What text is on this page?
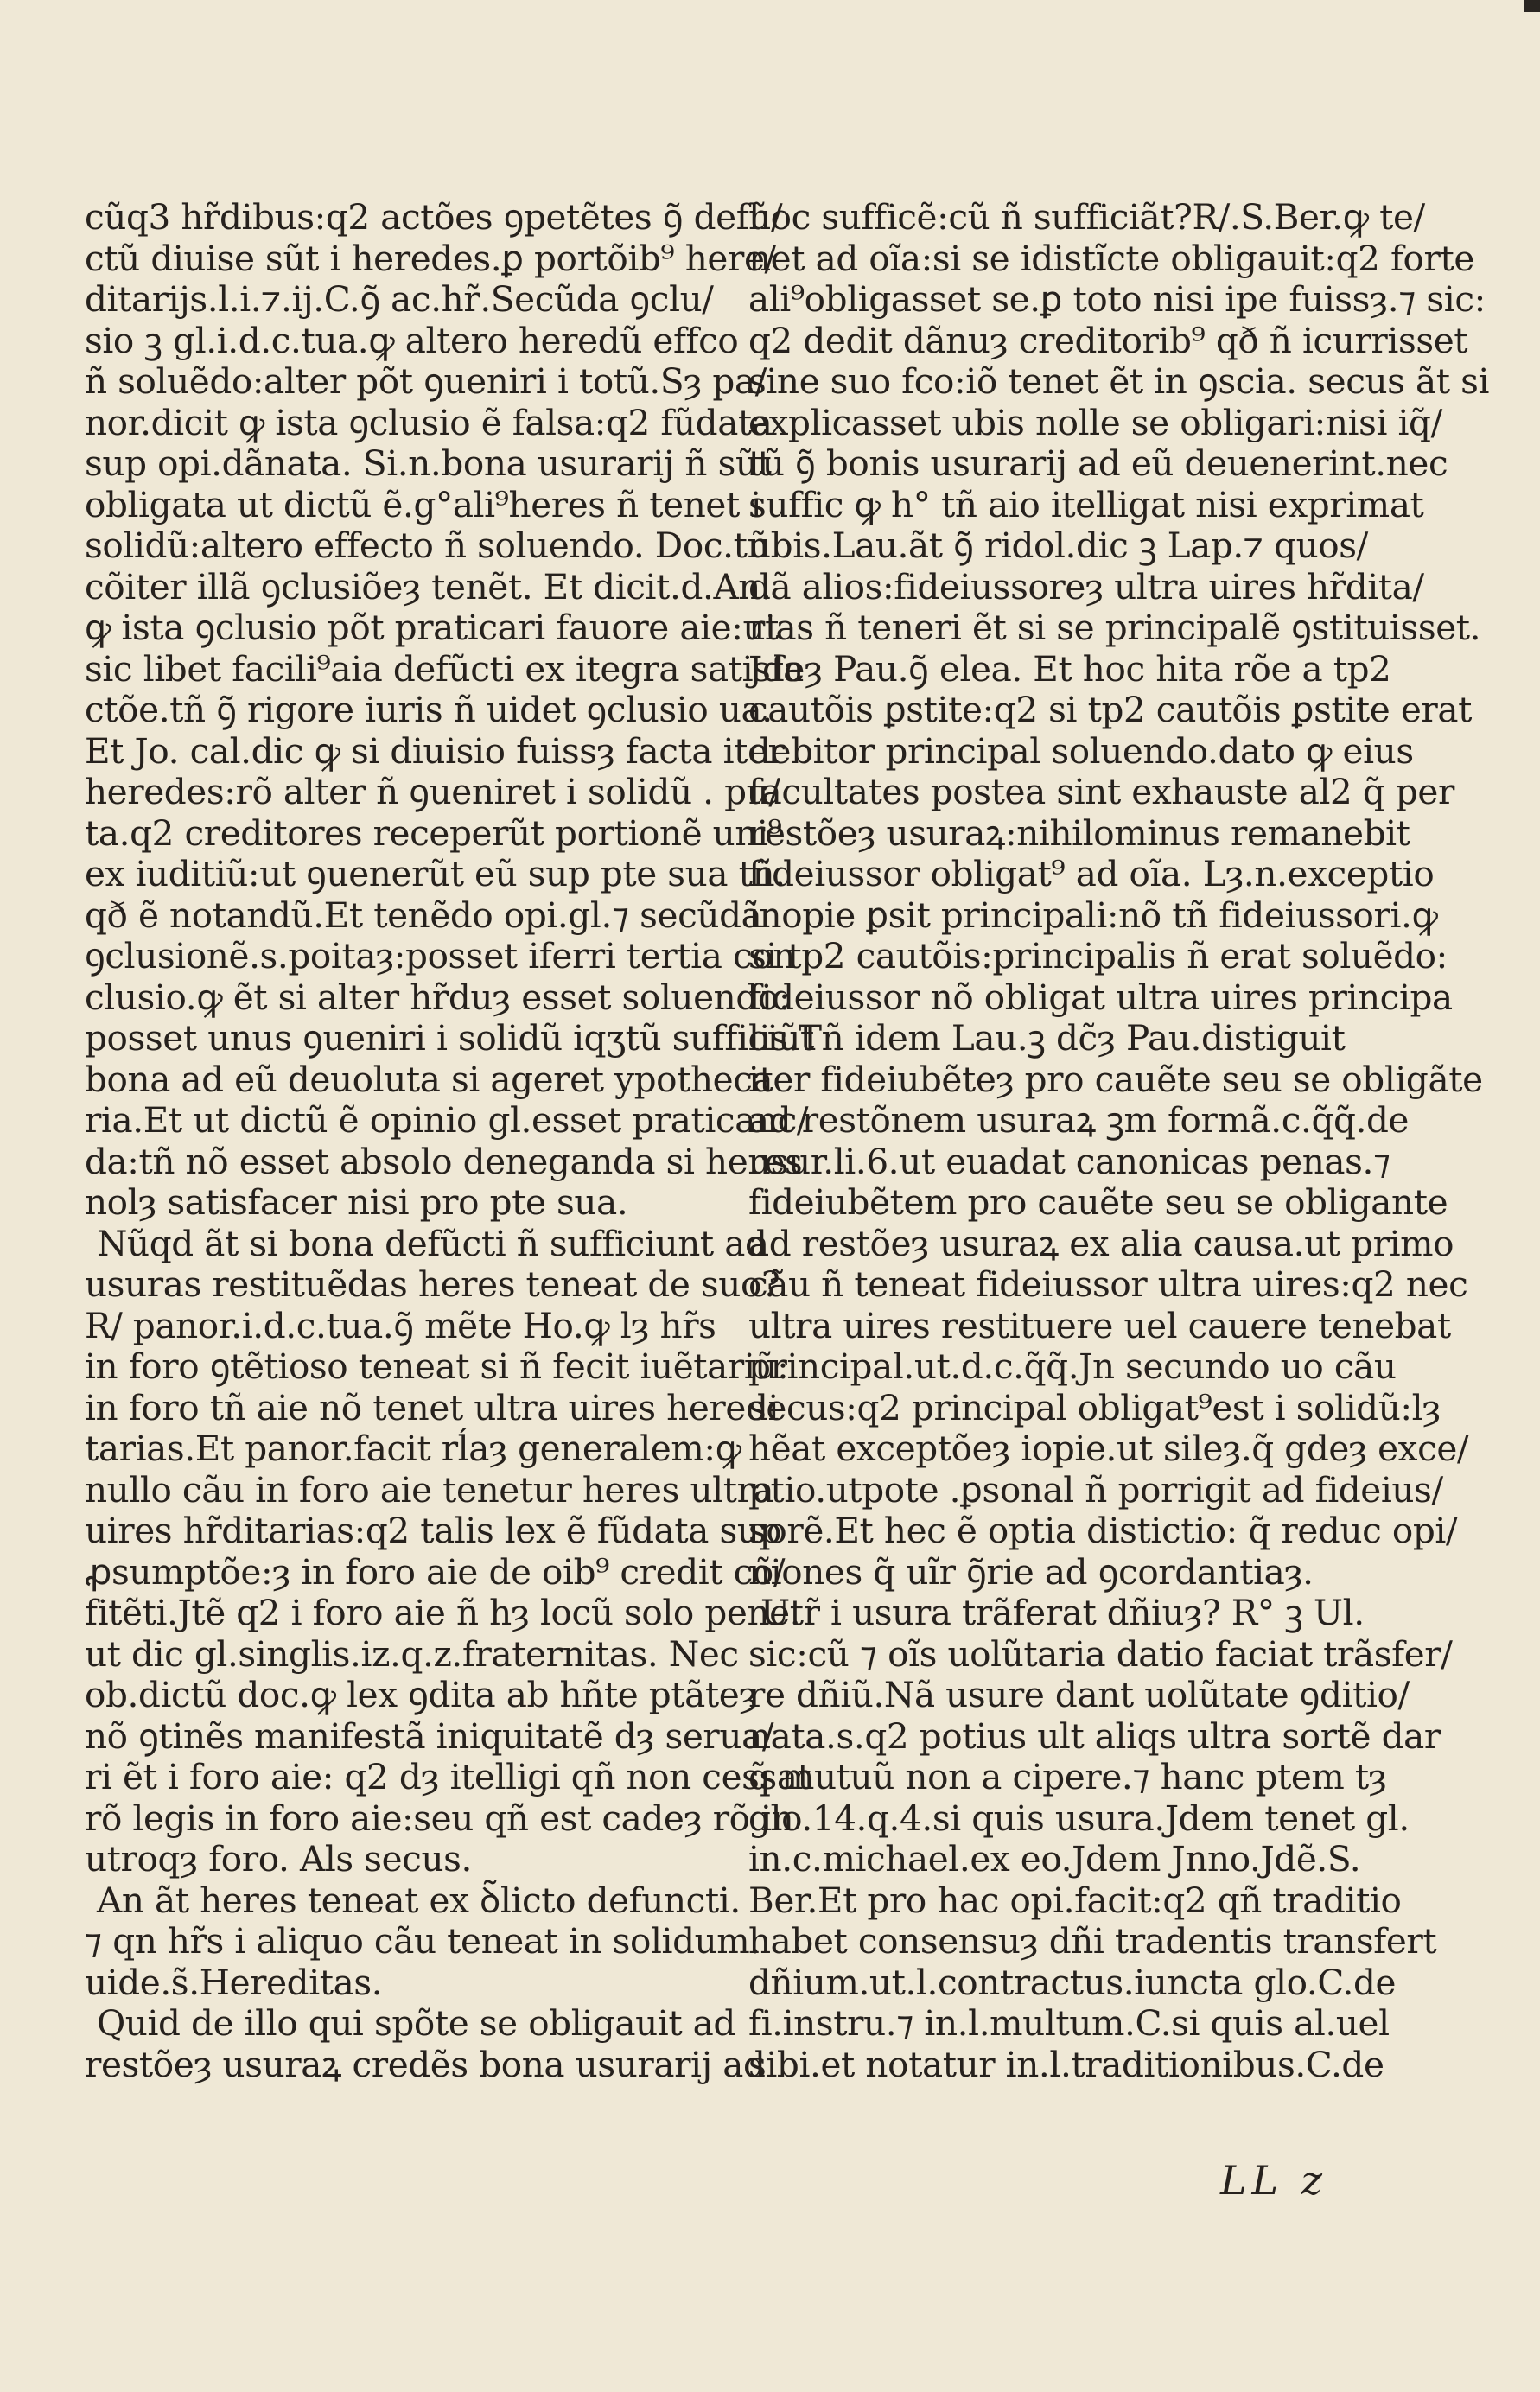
cũq3 hr̃dibus:q2 actões ꝯpetẽtes ꝯ̃ defũ/
ctũ diuise sũt i heredes.ꝑ portõib⁹ here/
ditarijs.l.i.⁊.ij.C.ꝯ̃ ac.hr̃.Secũda ꝯclu/
sio ꝫ gl.i.d.c.tua.ꝙ altero heredũ effco
ñ soluẽdo:alter põt ꝯueniri i totũ.Sȝ pa/
nor.dicit ꝙ ista ꝯclusio ẽ falsa:q2 fũdata
sup opi.dãnata. Si.n.bona usurarij ñ sũt
obligata ut dictũ ẽ.g°ali⁹heres ñ tenet i
solidũ:altero effecto ñ soluendo. Doc.tñ
cõiter illã ꝯclusiõeȝ tenẽt. Et dicit.d.An.
ꝙ ista ꝯclusio põt praticari fauore aie:ut
sic libet facili⁹aia defũcti ex itegra satisfa
ctõe.tñ ꝯ̃ rigore iuris ñ uidet ꝯclusio ua.
Et Jo. cal.dic ꝙ si diuisio fuissȝ facta iter
heredes:rõ alter ñ ꝯueniret i solidũ . pu/
ta.q2 creditores receperũt portionẽ uni⁹
ex iuditiũ:ut ꝯuenerũt eũ sup pte sua tñ.
qð ẽ notandũ.Et tenẽdo opi.gl.⁊ secũdã
ꝯclusionẽ.s.poitaȝ:posset iferri tertia con
clusio.ꝙ ẽt si alter hr̃duȝ esset soluendo:
posset unus ꝯueniri i solidũ iqʒtũ sufficiũt
bona ad eũ deuoluta si ageret ypotheca
ria.Et ut dictũ ẽ opinio gl.esset praticanc/
da:tñ nõ esset absolo deneganda si heres
nolȝ satisfacer nisi pro pte sua.
Nũqd ãt si bona defũcti ñ sufficiunt ad
usuras restituẽdas heres teneat de suo?
R/ panor.i.d.c.tua.ꝯ̃ mẽte Ho.ꝙ lȝ hr̃s
in foro ꝯtẽtioso teneat si ñ fecit iuẽtariũ:
in foro tñ aie nõ tenet ultra uires heredi
tarias.Et panor.facit rĺaȝ generalem:ꝙ
nullo cãu in foro aie tenetur heres ultra
uires hr̃ditarias:q2 talis lex ẽ fũdata sup
ꝓsumptõe:ȝ in foro aie de oib⁹ credit cõ/
fitẽti.Jtẽ q2 i foro aie ñ hȝ locũ solo pene.
ut dic gl.singlis.iz.q.z.fraternitas. Nec
ob.dictũ doc.ꝙ lex ꝯdita ab hñte ptãteȝ
nõ ꝯtinẽs manifestã iniquitatẽ dȝ serua/
ri ẽt i foro aie: q2 dȝ itelligi qñ non cessat
rõ legis in foro aie:seu qñ est cadeȝ rõ in
utroqȝ foro. Als secus.
An ãt heres teneat ex ꝺ̃licto defuncti.
⁊ qn hr̃s i aliquo cãu teneat in solidum.
uide.s̃.Hereditas.
Quid de illo qui spõte se obligauit ad
restõeȝ usuraꝝ credẽs bona usurarij ad
hoc sufficẽ:cũ ñ sufficiãt?R/.S.Ber.ꝙ te/
net ad oĩa:si se idistĩcte obligauit:q2 forte
ali⁹obligasset se.ꝑ toto nisi ipe fuissȝ.⁊ sic:
q2 dedit dãnuȝ creditorib⁹ qð ñ icurrisset
sine suo fco:iõ tenet ẽt in ꝯscia. secus ãt si
explicasset ubis nolle se obligari:nisi iq̃/
tũ ꝯ̃ bonis usurarij ad eũ deuenerint.nec
suffic ꝙ h° tñ aio itelligat nisi exprimat
ubis.Lau.ãt ꝯ̃ ridol.dic ꝫ Lap.⁊ quos/
dã alios:fideiussoreȝ ultra uires hr̃dita/
rias ñ teneri ẽt si se principalẽ ꝯstituisset.
Jdeȝ Pau.ꝯ̃ elea. Et hoc hita rõe a tp2
cautõis ꝑstite:q2 si tp2 cautõis ꝑstite erat
debitor principal soluendo.dato ꝙ eius
facultates postea sint exhauste al2 q̃ per
restõeȝ usuraꝝ:nihilominus remanebit
fideiussor obligat⁹ ad oĩa. Lȝ.n.exceptio
inopie ꝑsit principali:nõ tñ fideiussori.ꝙ
si tp2 cautõis:principalis ñ erat soluẽdo:
fideiussor nõ obligat ultra uires principa
lis.Tñ idem Lau.ꝫ dc̃ȝ Pau.distiguit
iter fideiubẽteȝ pro cauẽte seu se obligãte
ad restõnem usuraꝝ ꝫm formã.c.q̃q̃.de
usur.li.6.ut euadat canonicas penas.⁊
fideiubẽtem pro cauẽte seu se obligante
ad restõeȝ usuraꝝ ex alia causa.ut primo
cãu ñ teneat fideiussor ultra uires:q2 nec
ultra uires restituere uel cauere tenebat
principal.ut.d.c.q̃q̃.Jn secundo uo cãu
secus:q2 principal obligat⁹est i solidũ:lȝ
hẽat exceptõeȝ iopie.ut sileȝ.q̃ gdeȝ exce/
ptio.utpote .ꝑsonal ñ porrigit ad fideius/
sorẽ.Et hec ẽ optia distictio: q̃ reduc opi/
niones q̃ uĩr ꝯ̃rie ad ꝯcordantiaȝ.
Utr̃ i usura trãferat dñiuȝ? R° ꝫ Ul.
sic:cũ ⁊ oĩs uolũtaria datio faciat trãsfer/
re dñiũ.Nã usure dant uolũtate ꝯditio/
nata.s.q2 potius ult aliqs ultra sortẽ dar
q̃ mutuũ non a cipere.⁊ hanc ptem tȝ
glo.14.q.4.si quis usura.Jdem tenet gl.
in.c.michael.ex eo.Jdem Jnno.Jdẽ.S.
Ber.Et pro hac opi.facit:q2 qñ traditio
habet consensuȝ dñi tradentis transfert
dñium.ut.l.contractus.iuncta glo.C.de
fi.instru.⁊ in.l.multum.C.si quis al.uel
sibi.et notatur in.l.traditionibus.C.de
LL z
